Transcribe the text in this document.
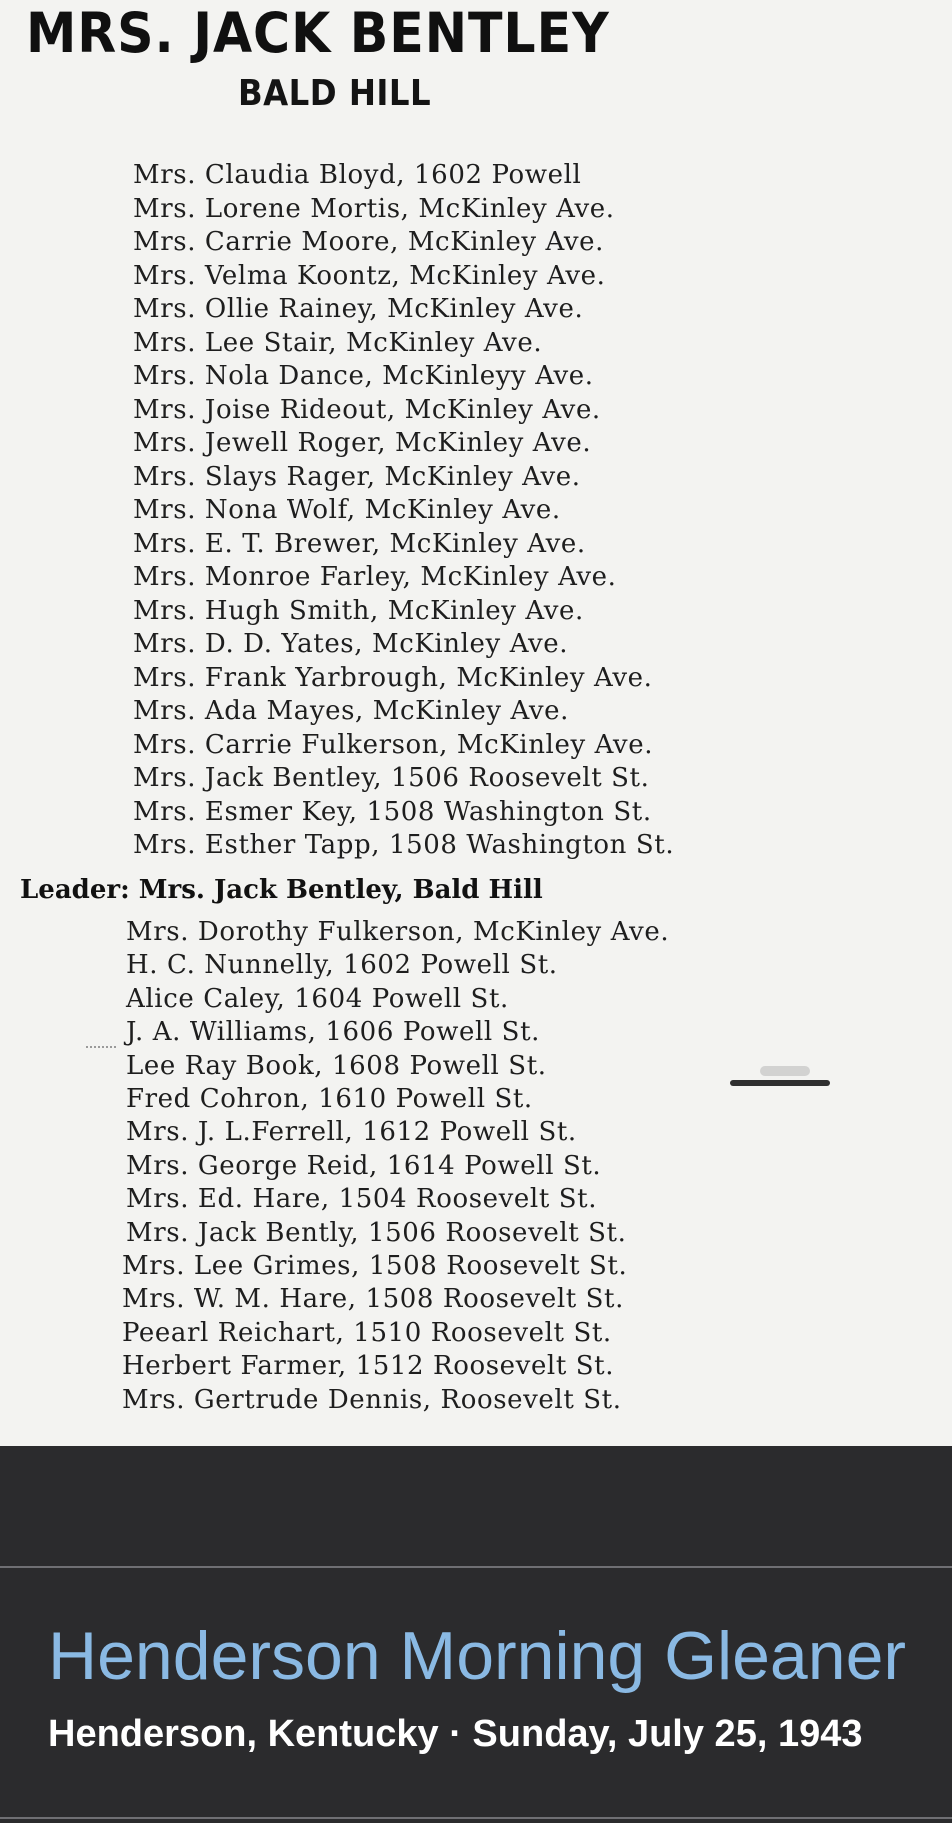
MRS. JACK BENTLEY
BALD HILL
Mrs. Claudia Bloyd, 1602 Powell
Mrs. Lorene Mortis, McKinley Ave.
Mrs. Carrie Moore, McKinley Ave.
Mrs. Velma Koontz, McKinley Ave.
Mrs. Ollie Rainey, McKinley Ave.
Mrs. Lee Stair, McKinley Ave.
Mrs. Nola Dance, McKinleyy Ave.
Mrs. Joise Rideout, McKinley Ave.
Mrs. Jewell Roger, McKinley Ave.
Mrs. Slays Rager, McKinley Ave.
Mrs. Nona Wolf, McKinley Ave.
Mrs. E. T. Brewer, McKinley Ave.
Mrs. Monroe Farley, McKinley Ave.
Mrs. Hugh Smith, McKinley Ave.
Mrs. D. D. Yates, McKinley Ave.
Mrs. Frank Yarbrough, McKinley Ave.
Mrs. Ada Mayes, McKinley Ave.
Mrs. Carrie Fulkerson, McKinley Ave.
Mrs. Jack Bentley, 1506 Roosevelt St.
Mrs. Esmer Key, 1508 Washington St.
Mrs. Esther Tapp, 1508 Washington St.
Leader: Mrs. Jack Bentley, Bald Hill
Mrs. Dorothy Fulkerson, McKinley Ave.
H. C. Nunnelly, 1602 Powell St.
Alice Caley, 1604 Powell St.
J. A. Williams, 1606 Powell St.
Lee Ray Book, 1608 Powell St.
Fred Cohron, 1610 Powell St.
Mrs. J. L.Ferrell, 1612 Powell St.
Mrs. George Reid, 1614 Powell St.
Mrs. Ed. Hare, 1504 Roosevelt St.
Mrs. Jack Bently, 1506 Roosevelt St.
Mrs. Lee Grimes, 1508 Roosevelt St.
Mrs. W. M. Hare, 1508 Roosevelt St.
Peearl Reichart, 1510 Roosevelt St.
Herbert Farmer, 1512 Roosevelt St.
Mrs. Gertrude Dennis, Roosevelt St.
Henderson Morning Gleaner
Henderson, Kentucky · Sunday, July 25, 1943
